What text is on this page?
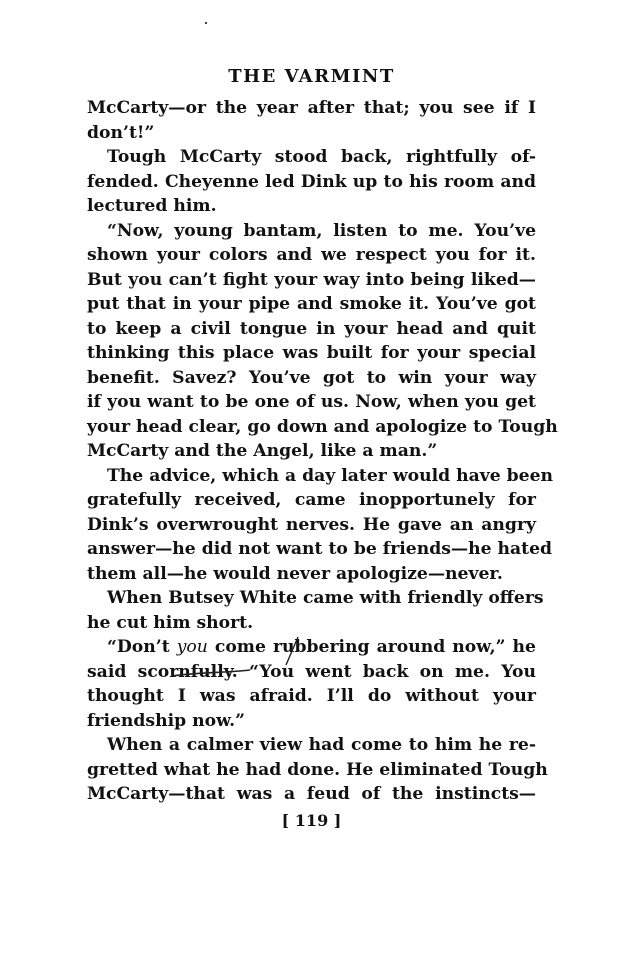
THE VARMINT
McCarty—or the year after that; you see if I
don’t!”
Tough McCarty stood back, rightfully of-
fended. Cheyenne led Dink up to his room and
lectured him.
“Now, young bantam, listen to me. You’ve
shown your colors and we respect you for it.
But you can’t fight your way into being liked—
put that in your pipe and smoke it. You’ve got
to keep a civil tongue in your head and quit
thinking this place was built for your special
benefit. Savez? You’ve got to win your way
if you want to be one of us. Now, when you get
your head clear, go down and apologize to Tough
McCarty and the Angel, like a man.”
The advice, which a day later would have been
gratefully received, came inopportunely for
Dink’s overwrought nerves. He gave an angry
answer—he did not want to be friends—he hated
them all—he would never apologize—never.
When Butsey White came with friendly offers
he cut him short.
“Don’t you come rubbering around now,” he
said scornfully. “You went back on me. You
thought I was afraid. I’ll do without your
friendship now.”
When a calmer view had come to him he re-
gretted what he had done. He eliminated Tough
McCarty—that was a feud of the instincts—
[ 119 ]
